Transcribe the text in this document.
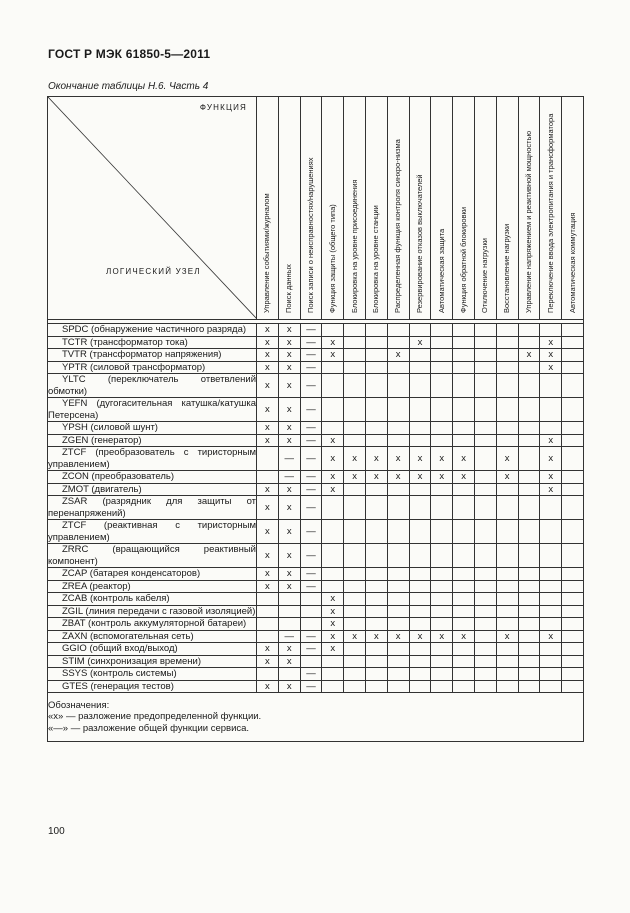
ГОСТ Р МЭК 61850-5—2011
Окончание таблицы Н.6. Часть 4
ФУНКЦИЯ
ЛОГИЧЕСКИЙ УЗЕЛ	Управление событиями/журналом	Поиск данных	Поиск записи о неисправностях/нарушениях	Функция защиты (общего типа)	Блокировка на уровне присоединения	Блокировка на уровне станции	Распределенная функция контроля синхро-низма	Резервирование отказов выключателей	Автоматическая защита	Функция обратной блокировки	Отключение нагрузки	Восстановление нагрузки	Управление напряжением и реактивной мощностью	Переключение ввода электропитания и трансформатора	Автоматическая коммутация

SPDC (обнаружение частичного разряда)	x	x	—												
TCTR (трансформатор тока)	x	x	—	x				x						x	
TVTR (трансформатор напряжения)	x	x	—	x			x						x	x	
YPTR (силовой трансформатор)	x	x	—											x	
YLTC (переключатель ответвлений обмотки)	x	x	—												
YEFN (дугогасительная катушка/катушка Петерсена)	x	x	—												
YPSH (силовой шунт)	x	x	—												
ZGEN (генератор)	x	x	—	x										x	
ZTCF (преобразователь с тиристорным управлением)		—	—	x	x	x	x	x	x	x		x		x	
ZCON (преобразователь)		—	—	x	x	x	x	x	x	x		x		x	
ZMOT (двигатель)	x	x	—	x										x	
ZSAR (разрядник для защиты от перенапряжений)	x	x	—												
ZTCF (реактивная с тиристорным управлением)	x	x	—												
ZRRC (вращающийся реактивный компонент)	x	x	—												
ZCAP (батарея конденсаторов)	x	x	—												
ZREA (реактор)	x	x	—												
ZCAB (контроль кабеля)				x											
ZGIL (линия передачи с газовой изоляцией)				x											
ZBAT (контроль аккумуляторной батареи)				x											
ZAXN (вспомогательная сеть)		—	—	x	x	x	x	x	x	x		x		x	
GGIO (общий вход/выход)	x	x	—	x											
STIM (синхронизация времени)	x	x													
SSYS (контроль системы)			—												
GTES (генерация тестов)	x	x	—												

Обозначения:
«x» — разложение предопределенной функции.
«—» — разложение общей функции сервиса.															
100
